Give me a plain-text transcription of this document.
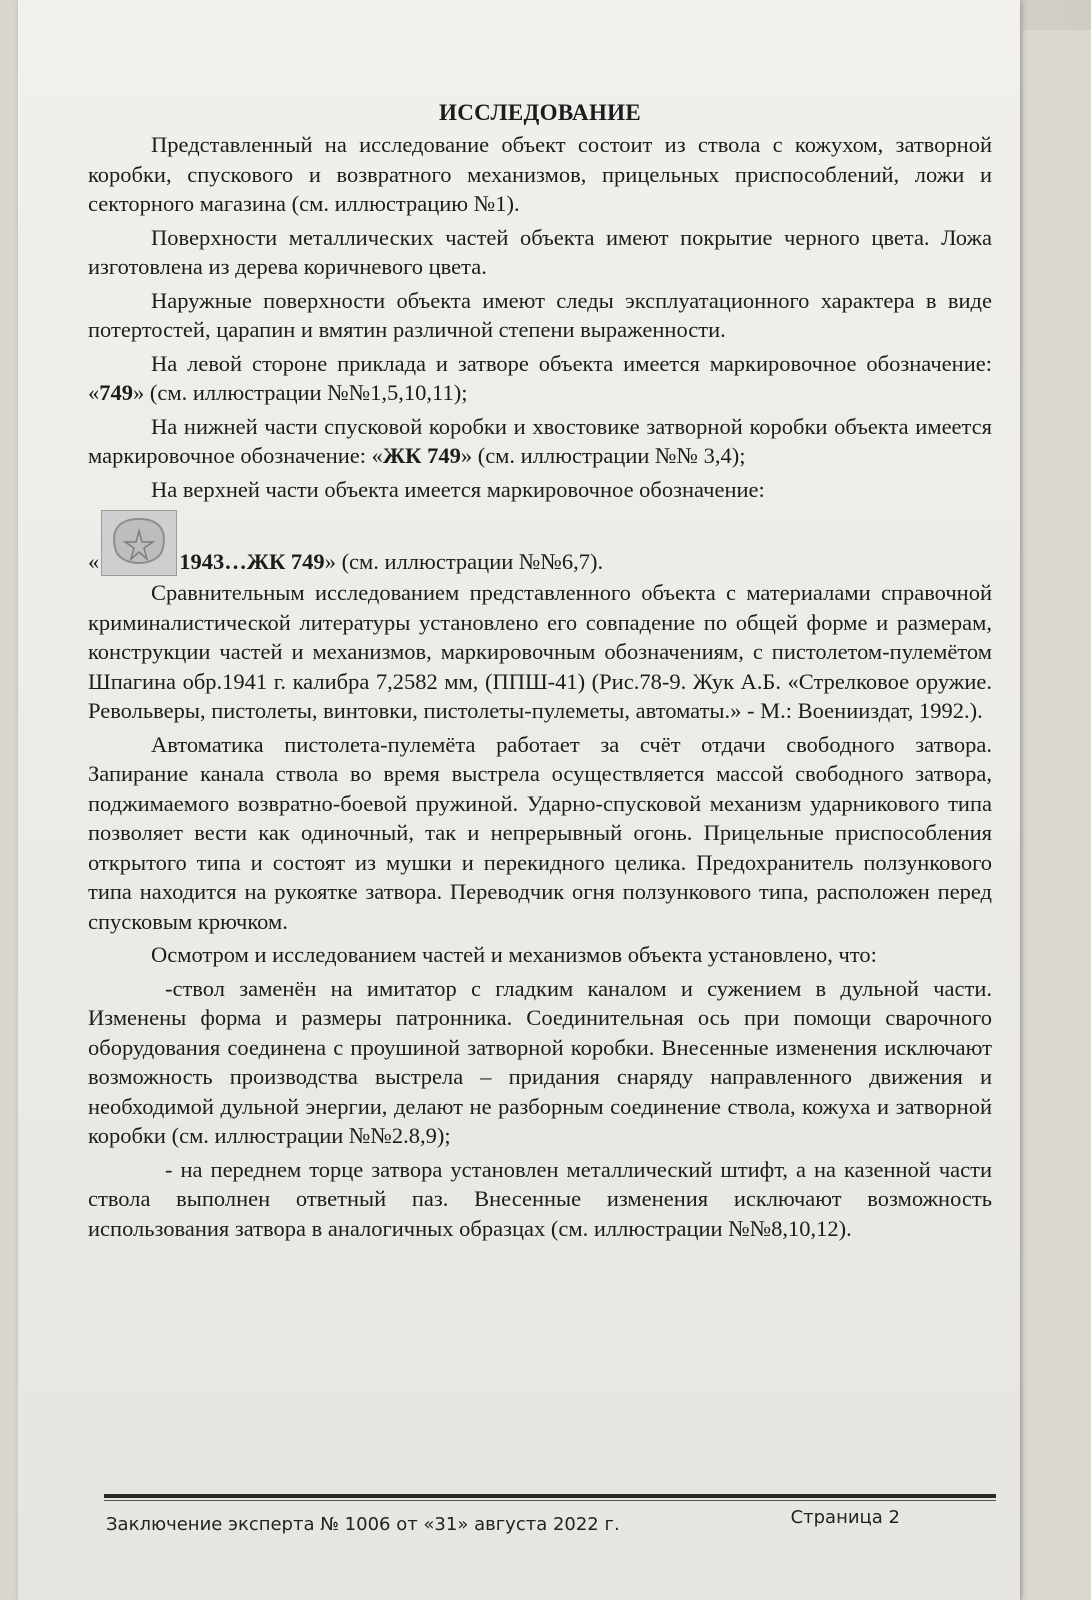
ИССЛЕДОВАНИЕ

Представленный на исследование объект состоит из ствола с кожухом, затворной коробки, спускового и возвратного механизмов, прицельных приспособлений, ложи и секторного магазина (см. иллюстрацию №1).

Поверхности металлических частей объекта имеют покрытие черного цвета. Ложа изготовлена из дерева коричневого цвета.

Наружные поверхности объекта имеют следы эксплуатационного характера в виде потертостей, царапин и вмятин различной степени выраженности.

На левой стороне приклада и затворе объекта имеется маркировочное обозначение: «749» (см. иллюстрации №№1,5,10,11);

На нижней части спусковой коробки и хвостовике затворной коробки объекта имеется маркировочное обозначение: «ЖК 749» (см. иллюстрации №№ 3,4);

На верхней части объекта имеется маркировочное обозначение:

«	1943…ЖК 749 » (см. иллюстрации №№6,7).

Сравнительным исследованием представленного объекта с материалами справочной криминалистической литературы установлено его совпадение по общей форме и размерам, конструкции частей и механизмов, маркировочным обозначениям, с пистолетом-пулемётом Шпагина обр.1941 г. калибра 7,2582 мм, (ППШ-41) (Рис.78-9. Жук А.Б. «Стрелковое оружие. Револьверы, пистолеты, винтовки, пистолеты-пулеметы, автоматы.» - М.: Военииздат, 1992.).

Автоматика пистолета-пулемёта работает за счёт отдачи свободного затвора. Запирание канала ствола во время выстрела осуществляется массой свободного затвора, поджимаемого возвратно-боевой пружиной. Ударно-спусковой механизм ударникового типа позволяет вести как одиночный, так и непрерывный огонь. Прицельные приспособления открытого типа и состоят из мушки и перекидного целика. Предохранитель ползункового типа находится на рукоятке затвора. Переводчик огня ползункового типа, расположен перед спусковым крючком.

Осмотром и исследованием частей и механизмов объекта установлено, что:

-ствол заменён на имитатор с гладким каналом и сужением в дульной части. Изменены форма и размеры патронника. Соединительная ось при помощи сварочного оборудования соединена с проушиной затворной коробки. Внесенные изменения исключают возможность производства выстрела – придания снаряду направленного движения и необходимой дульной энергии, делают не разборным соединение ствола, кожуха и затворной коробки (см. иллюстрации №№2.8,9);

- на переднем торце затвора установлен металлический штифт, а на казенной части ствола выполнен ответный паз. Внесенные изменения исключают возможность использования затвора в аналогичных образцах (см. иллюстрации №№8,10,12).

Заключение эксперта № 1006 от «31» августа 2022 г.	Страница 2
